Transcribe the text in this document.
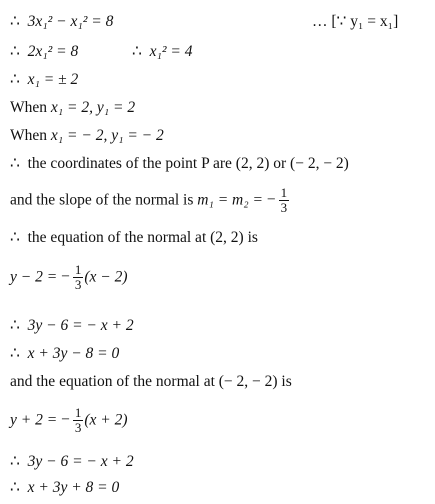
∴ 3x₁² − x₁² = 8	… [∵ y₁ = x₁]
∴ 2x₁² = 8	∴ x₁² = 4
∴ x₁ = ± 2
When x₁ = 2, y₁ = 2
When x₁ = − 2, y₁ = − 2
∴ the coordinates of the point P are (2, 2) or (− 2, − 2)
and the slope of the normal is m₁ = m₂ = − $\frac{1}{3}$
∴ the equation of the normal at (2, 2) is
y − 2 = − $\frac{1}{3} (x - 2)$
∴ 3y − 6 = − x + 2
∴ x + 3y − 8 = 0
and the equation of the normal at (− 2, − 2) is
y + 2 = − $\frac{1}{3} (x + 2)$
∴ 3y − 6 = − x + 2
∴ x + 3y + 8 = 0
